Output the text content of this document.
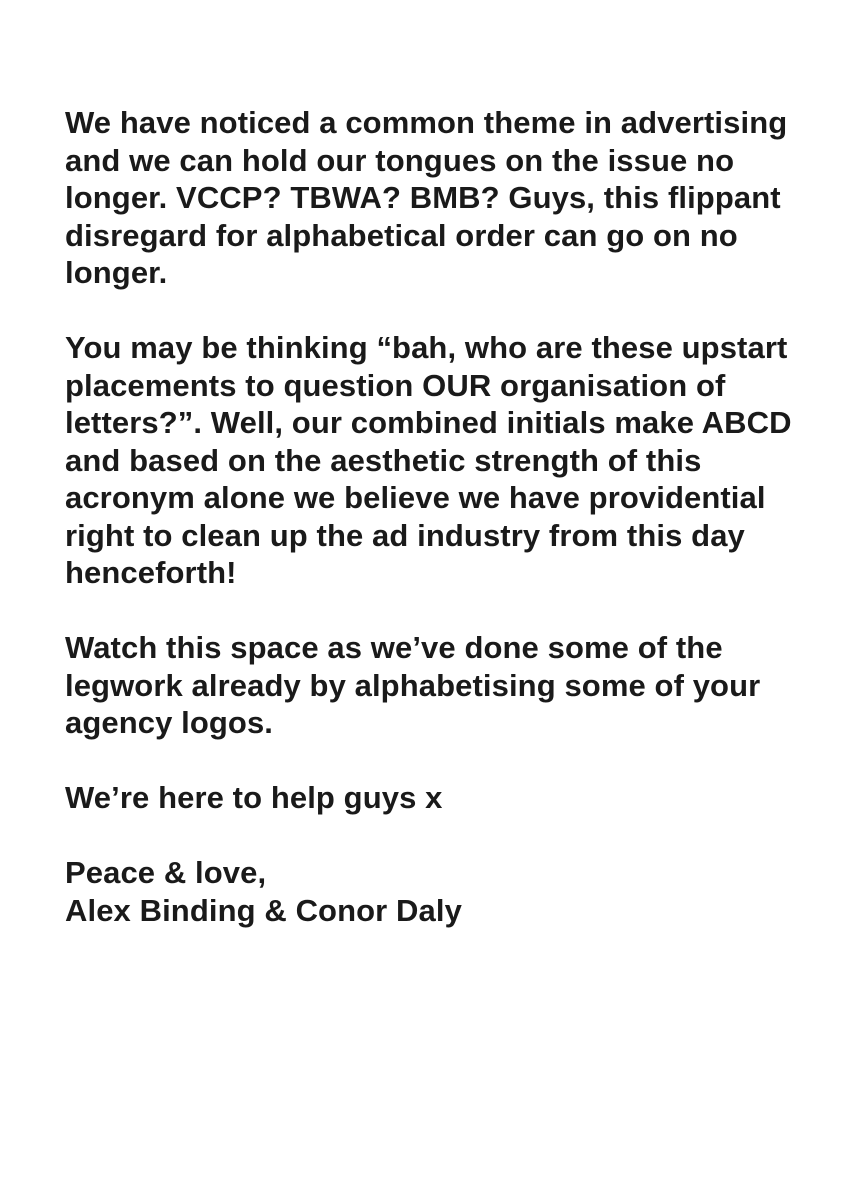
We have noticed a common theme in advertising and we can hold our tongues on the issue no longer. VCCP? TBWA? BMB? Guys, this flippant disregard for alphabetical order can go on no longer.

You may be thinking “bah, who are these upstart placements to question OUR organisation of letters?”. Well, our combined initials make ABCD and based on the aesthetic strength of this acronym alone we believe we have providential right to clean up the ad industry from this day henceforth!

Watch this space as we’ve done some of the legwork already by alphabetising some of your agency logos.

We’re here to help guys x

Peace & love,
Alex Binding & Conor Daly
